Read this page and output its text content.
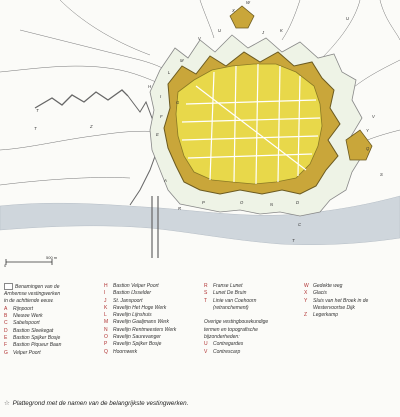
X
W
U
V
J	K
U
M
L
H
I
T
T	Z
G
F
E
A
R
P	O	N	D
C
T
Y
Q
S
V
0
500 m
Benamingen van de
Arnhemse vestingwerken
in de achttiende eeuw.
A Rijnpoort
B Nieuwe Werk
C Sabelspoort
D Bastion Sleekegat
E Bastion Spijker Bosje
F Bastion Piqueur Baan
G Velper Poort
H Bastion Velper Poort
I Bastion IJsselder
J St. Janspoort
K Ravelijn Het Hoge Werk
L Ravelijn Lijnshuis
M Ravelijn Gaaljmans Werk
N Ravelijn Rentmeesters Werk
O Ravelijn Saurevanger
P Ravelijn Spijker Bosje
Q Hoornwerk
R Franse Lunet
S Lunet De Bruin
T Linie van Coehoorn
(retranchement)
Overige vestingbouwkundige
termen en topografische
bijzonderheden:
U Contregardes
V Contrescarp
W Gedekte weg
X Glacis
Y Sluis van het Broek in de
Westervoortse Dijk
Z Legerkamp
☆ Plattegrond met de namen van de belangrijkste vestingwerken.
